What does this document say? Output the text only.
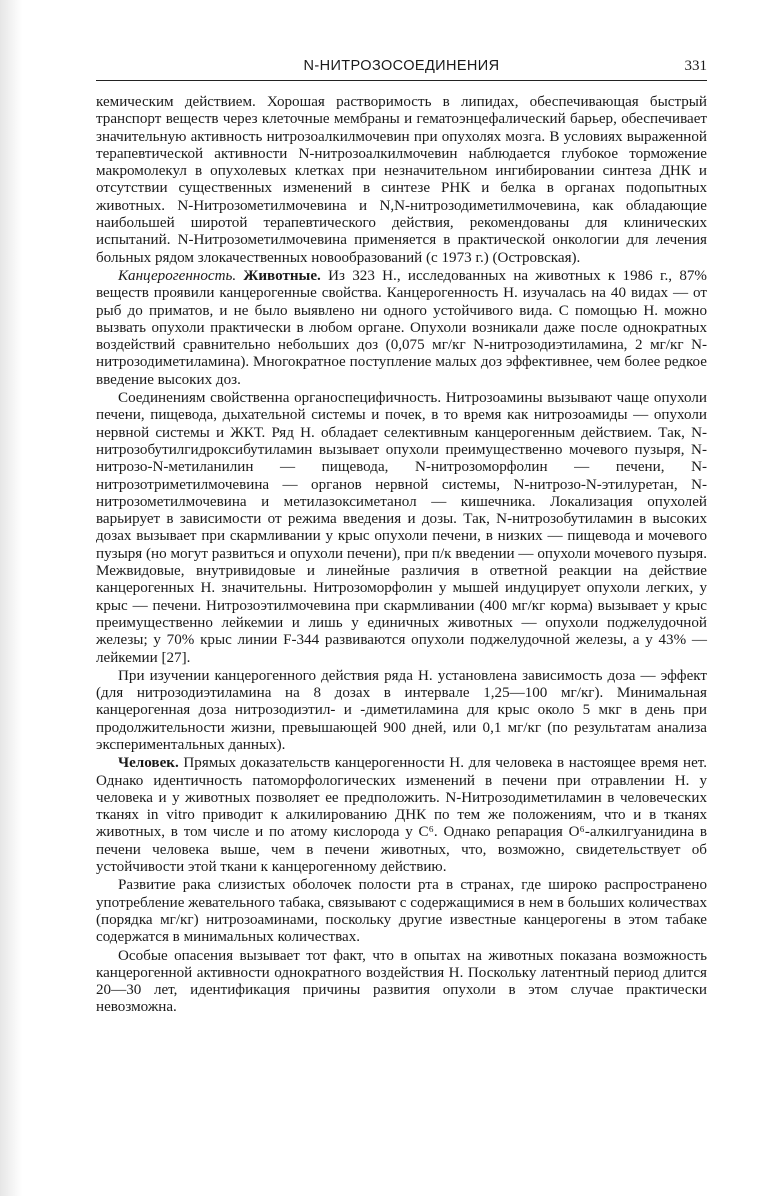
N-НИТРОЗОСОЕДИНЕНИЯ	331

кемическим действием. Хорошая растворимость в липидах, обеспечивающая быстрый транспорт веществ через клеточные мембраны и гематоэнцефалический барьер, обеспечивает значительную активность нитрозоалкилмочевин при опухолях мозга. В условиях выраженной терапевтической активности N-нитрозоалкилмочевин наблюдается глубокое торможение макромолекул в опухолевых клетках при незначительном ингибировании синтеза ДНК и отсутствии существенных изменений в синтезе РНК и белка в органах подопытных животных. N-Нитрозометилмочевина и N,N-нитрозодиметилмочевина, как обладающие наибольшей широтой терапевтического действия, рекомендованы для клинических испытаний. N-Нитрозометилмочевина применяется в практической онкологии для лечения больных рядом злокачественных новообразований (с 1973 г.) (Островская).

Канцерогенность. Животные. Из 323 Н., исследованных на животных к 1986 г., 87% веществ проявили канцерогенные свойства. Канцерогенность Н. изучалась на 40 видах — от рыб до приматов, и не было выявлено ни одного устойчивого вида. С помощью Н. можно вызвать опухоли практически в любом органе. Опухоли возникали даже после однократных воздействий сравнительно небольших доз (0,075 мг/кг N-нитрозодиэтиламина, 2 мг/кг N-нитрозодиметиламина). Многократное поступление малых доз эффективнее, чем более редкое введение высоких доз.

Соединениям свойственна органоспецифичность. Нитрозоамины вызывают чаще опухоли печени, пищевода, дыхательной системы и почек, в то время как нитрозоамиды — опухоли нервной системы и ЖКТ. Ряд Н. обладает селективным канцерогенным действием. Так, N-нитрозобутилгидроксибутиламин вызывает опухоли преимущественно мочевого пузыря, N-нитрозо-N-метиланилин — пищевода, N-нитрозоморфолин — печени, N-нитрозотриметилмочевина — органов нервной системы, N-нитрозо-N-этилуретан, N-нитрозометилмочевина и метилазоксиметанол — кишечника. Локализация опухолей варьирует в зависимости от режима введения и дозы. Так, N-нитрозобутиламин в высоких дозах вызывает при скармливании у крыс опухоли печени, в низких — пищевода и мочевого пузыря (но могут развиться и опухоли печени), при п/к введении — опухоли мочевого пузыря. Межвидовые, внутривидовые и линейные различия в ответной реакции на действие канцерогенных Н. значительны. Нитрозоморфолин у мышей индуцирует опухоли легких, у крыс — печени. Нитрозоэтилмочевина при скармливании (400 мг/кг корма) вызывает у крыс преимущественно лейкемии и лишь у единичных животных — опухоли поджелудочной железы; у 70% крыс линии F-344 развиваются опухоли поджелудочной железы, а у 43% — лейкемии [27].

При изучении канцерогенного действия ряда Н. установлена зависимость доза — эффект (для нитрозодиэтиламина на 8 дозах в интервале 1,25—100 мг/кг). Минимальная канцерогенная доза нитрозодиэтил- и -диметиламина для крыс около 5 мкг в день при продолжительности жизни, превышающей 900 дней, или 0,1 мг/кг (по результатам анализа экспериментальных данных).

Человек. Прямых доказательств канцерогенности Н. для человека в настоящее время нет. Однако идентичность патоморфологических изменений в печени при отравлении Н. у человека и у животных позволяет ее предположить. N-Нитрозодиметиламин в человеческих тканях in vitro приводит к алкилированию ДНК по тем же положениям, что и в тканях животных, в том числе и по атому кислорода у C⁶. Однако репарация O⁶-алкилгуанидина в печени человека выше, чем в печени животных, что, возможно, свидетельствует об устойчивости этой ткани к канцерогенному действию.

Развитие рака слизистых оболочек полости рта в странах, где широко распространено употребление жевательного табака, связывают с содержащимися в нем в больших количествах (порядка мг/кг) нитрозоаминами, поскольку другие известные канцерогены в этом табаке содержатся в минимальных количествах.

Особые опасения вызывает тот факт, что в опытах на животных показана возможность канцерогенной активности однократного воздействия Н. Поскольку латентный период длится 20—30 лет, идентификация причины развития опухоли в этом случае практически невозможна.
